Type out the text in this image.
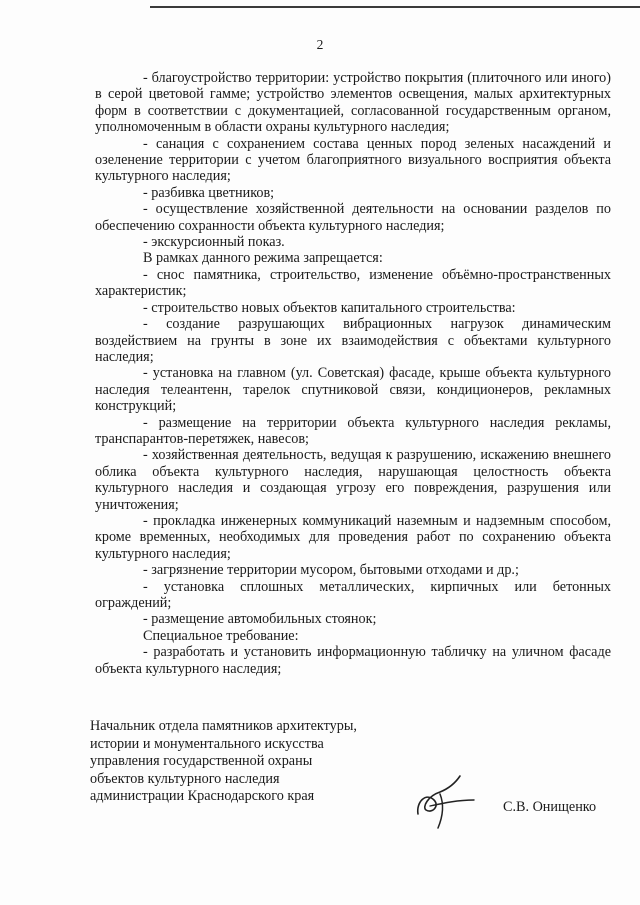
2

- благоустройство территории: устройство покрытия (плиточного или иного) в серой цветовой гамме; устройство элементов освещения, малых архитектурных форм в соответствии с документацией, согласованной государственным органом, уполномоченным в области охраны культурного наследия;

- санация с сохранением состава ценных пород зеленых насаждений и озеленение территории с учетом благоприятного визуального восприятия объекта культурного наследия;

- разбивка цветников;

- осуществление хозяйственной деятельности на основании разделов по обеспечению сохранности объекта культурного наследия;

- экскурсионный показ.

В рамках данного режима запрещается:

- снос памятника, строительство, изменение объёмно-пространственных характеристик;

- строительство новых объектов капитального строительства:

- создание разрушающих вибрационных нагрузок динамическим воздействием на грунты в зоне их взаимодействия с объектами культурного наследия;

- установка на главном (ул. Советская) фасаде, крыше объекта культурного наследия телеантенн, тарелок спутниковой связи, кондиционеров, рекламных конструкций;

- размещение на территории объекта культурного наследия рекламы, транспарантов-перетяжек, навесов;

- хозяйственная деятельность, ведущая к разрушению, искажению внешнего облика объекта культурного наследия, нарушающая целостность объекта культурного наследия и создающая угрозу его повреждения, разрушения или уничтожения;

- прокладка инженерных коммуникаций наземным и надземным способом, кроме временных, необходимых для проведения работ по сохранению объекта культурного наследия;

- загрязнение территории мусором, бытовыми отходами и др.;

- установка сплошных металлических, кирпичных или бетонных ограждений;

- размещение автомобильных стоянок;

Специальное требование:

- разработать и установить информационную табличку на уличном фасаде объекта культурного наследия;

Начальник отдела памятников архитектуры,
истории и монументального искусства
управления государственной охраны
объектов культурного наследия
администрации Краснодарского края
С.В. Онищенко
